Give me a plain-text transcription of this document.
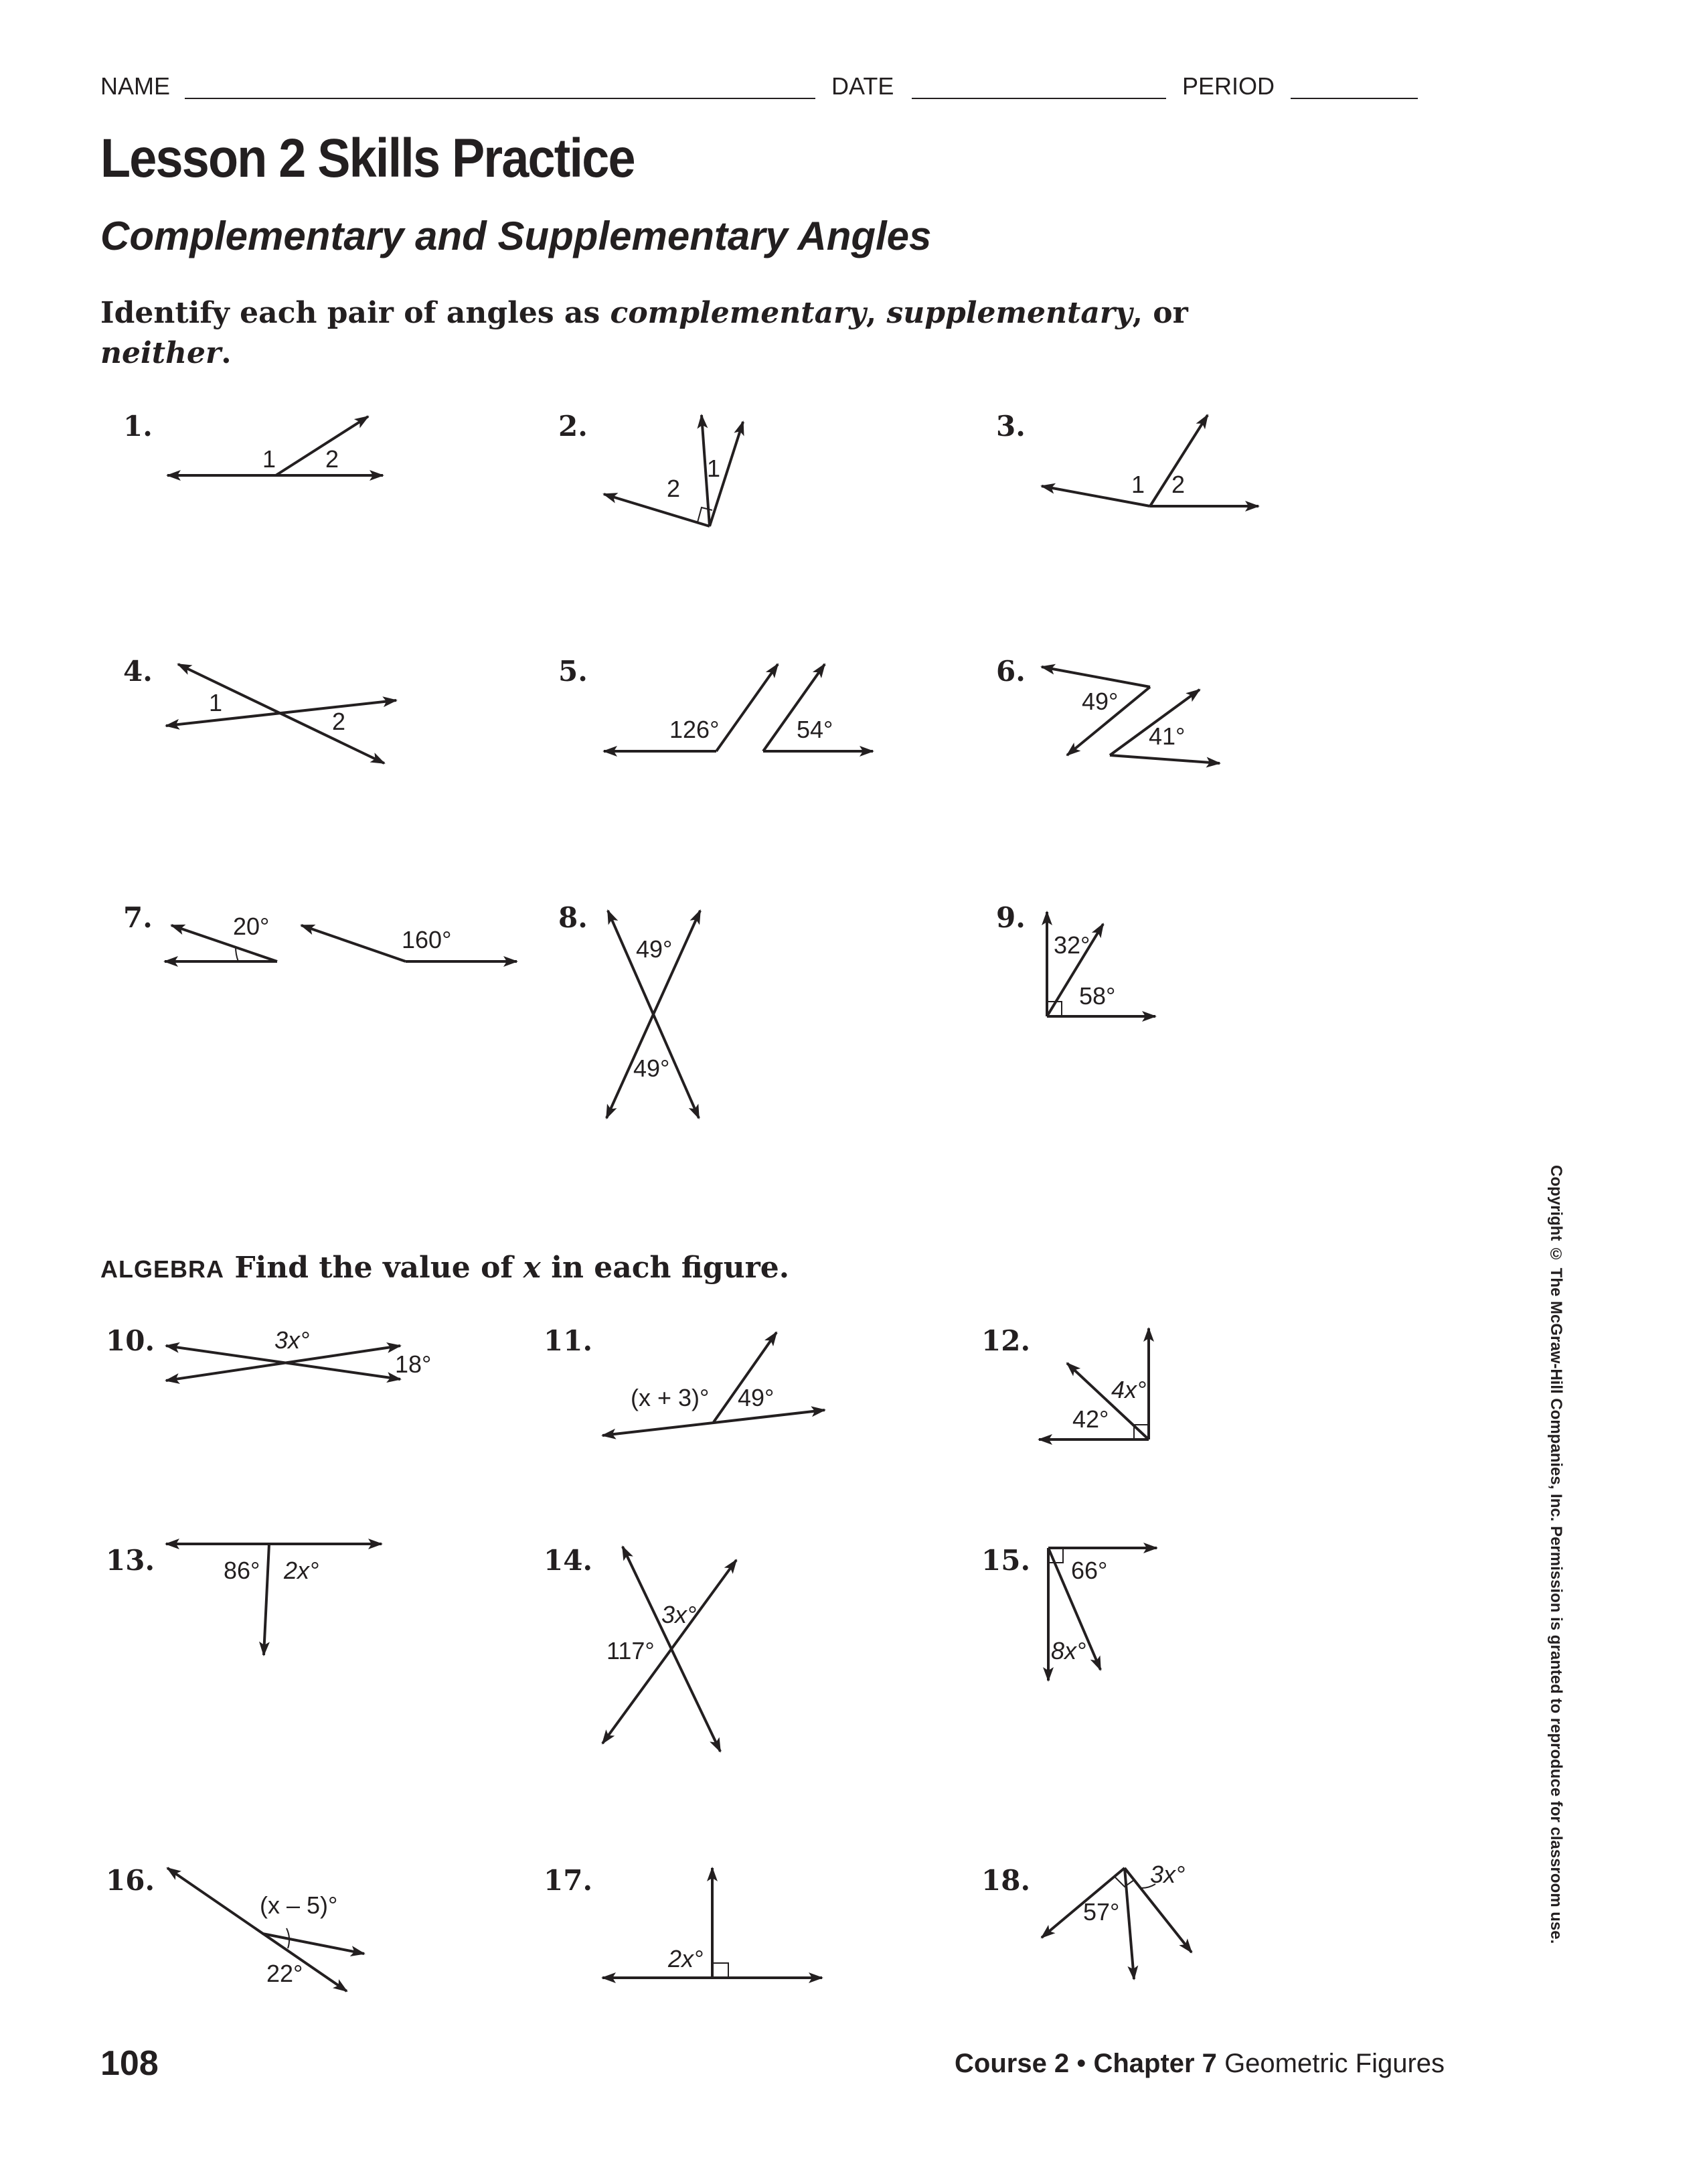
NAME	DATE	PERIOD
Lesson 2 Skills Practice
Complementary and Supplementary Angles
Identify each pair of angles as complementary, supplementary, or
neither.
1.	2.	3.
4.	5.	6.
7.	8.	9.
ALGEBRA Find the value of x in each figure.
10.	11.	12.
13.	14.	15.
16.	17.	18.
1 2
2
1
1 2
1
2	126°	54°
49°
41°
20°	160°	49°
49°
32°
58°
3x°
18°
(x + 3)° 49°	4x°
42°
86° 2x°
3x°
117°
66°
8x°
(x – 5)°
22°
2x°
3x°
57°	Copyright © The McGraw-Hill Companies, Inc. Permission is granted to reproduce for classroom use.
108	Course 2 • Chapter 7 Geometric Figures
